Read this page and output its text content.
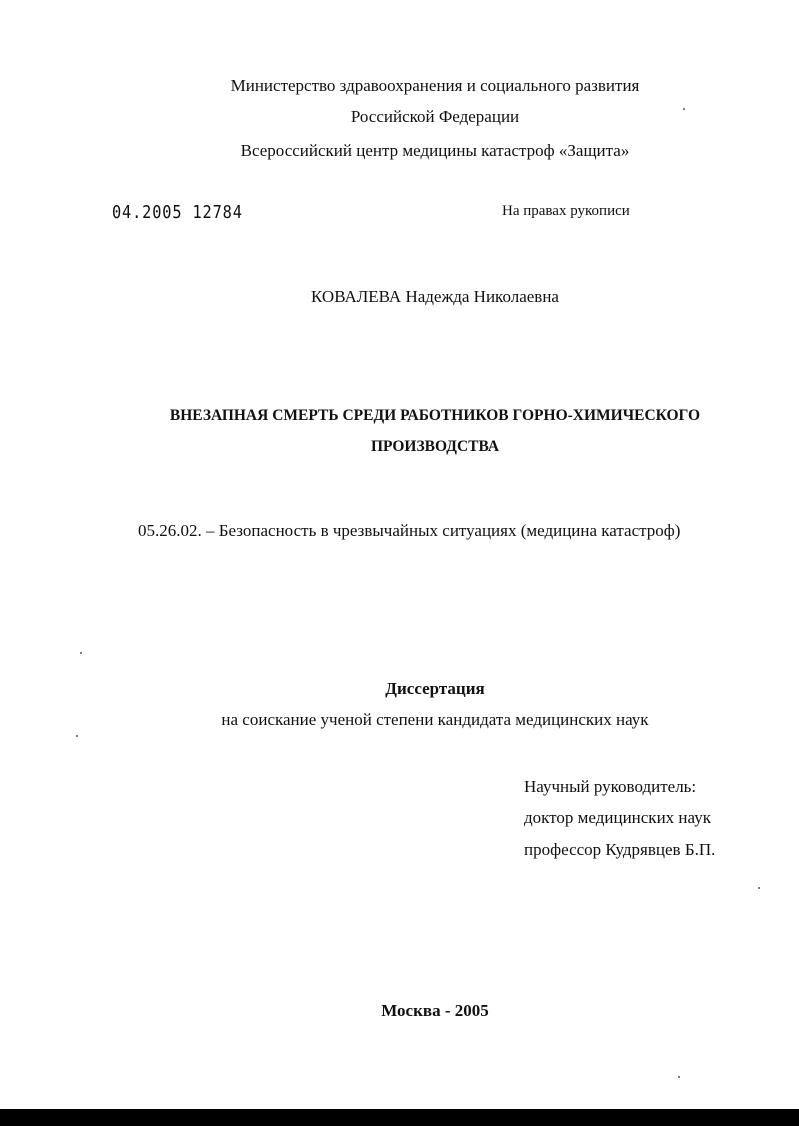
Министерство здравоохранения и социального развития
Российской Федерации
Всероссийский центр медицины катастроф «Защита»
04.2005 12784	На правах рукописи
КОВАЛЕВА Надежда Николаевна
ВНЕЗАПНАЯ СМЕРТЬ СРЕДИ РАБОТНИКОВ ГОРНО-ХИМИЧЕСКОГО
ПРОИЗВОДСТВА
05.26.02. – Безопасность в чрезвычайных ситуациях (медицина катастроф)
Диссертация
на соискание ученой степени кандидата медицинских наук
Научный руководитель:
доктор медицинских наук
профессор Кудрявцев Б.П.
Москва - 2005
